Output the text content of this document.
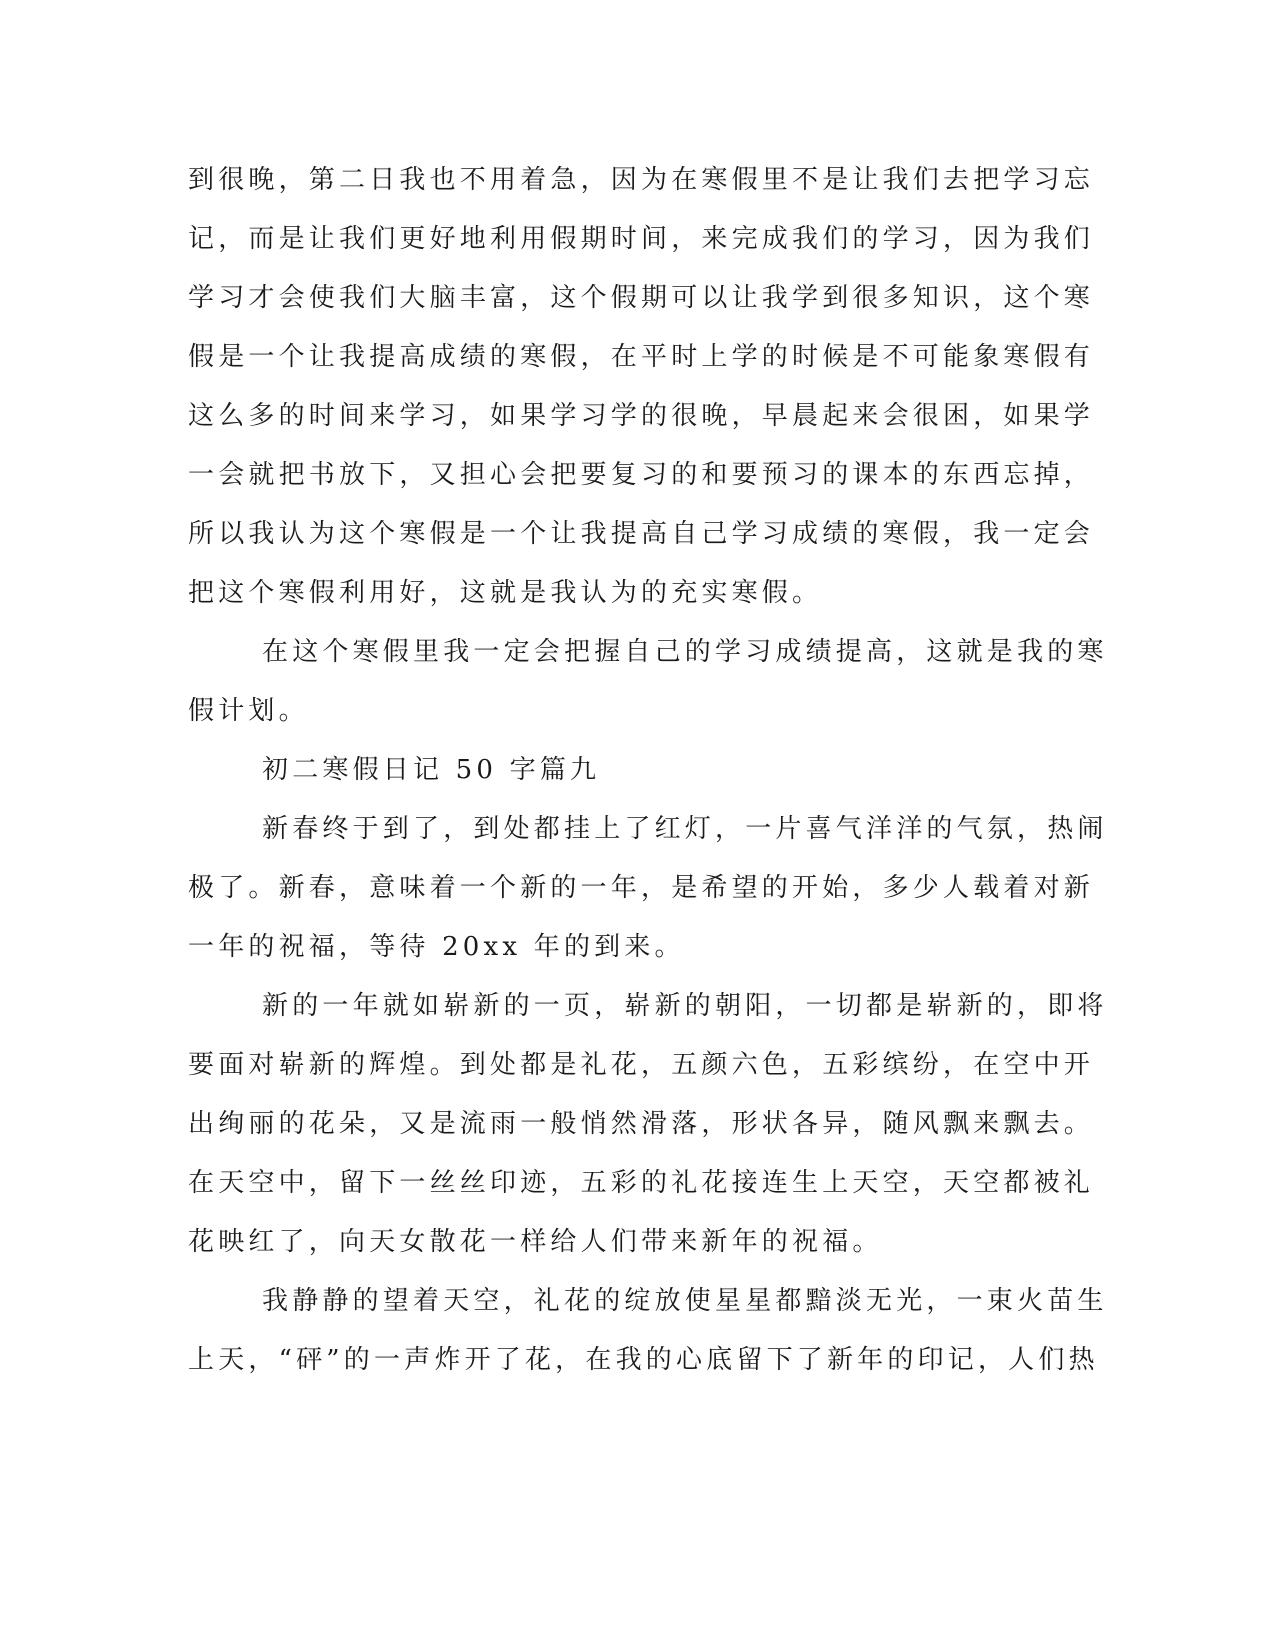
到很晚，第二日我也不用着急，因为在寒假里不是让我们去把学习忘
记，而是让我们更好地利用假期时间，来完成我们的学习，因为我们
学习才会使我们大脑丰富，这个假期可以让我学到很多知识，这个寒
假是一个让我提高成绩的寒假，在平时上学的时候是不可能象寒假有
这么多的时间来学习，如果学习学的很晚，早晨起来会很困，如果学
一会就把书放下，又担心会把要复习的和要预习的课本的东西忘掉，
所以我认为这个寒假是一个让我提高自己学习成绩的寒假，我一定会
把这个寒假利用好，这就是我认为的充实寒假。
在这个寒假里我一定会把握自己的学习成绩提高，这就是我的寒
假计划。
初二寒假日记 50 字篇九
新春终于到了，到处都挂上了红灯，一片喜气洋洋的气氛，热闹
极了。新春，意味着一个新的一年，是希望的开始，多少人载着对新
一年的祝福，等待 20xx 年的到来。
新的一年就如崭新的一页，崭新的朝阳，一切都是崭新的，即将
要面对崭新的辉煌。到处都是礼花，五颜六色，五彩缤纷，在空中开
出绚丽的花朵，又是流雨一般悄然滑落，形状各异，随风飘来飘去。
在天空中，留下一丝丝印迹，五彩的礼花接连生上天空，天空都被礼
花映红了，向天女散花一样给人们带来新年的祝福。
我静静的望着天空，礼花的绽放使星星都黯淡无光，一束火苗生
上天，“砰”的一声炸开了花，在我的心底留下了新年的印记，人们热
